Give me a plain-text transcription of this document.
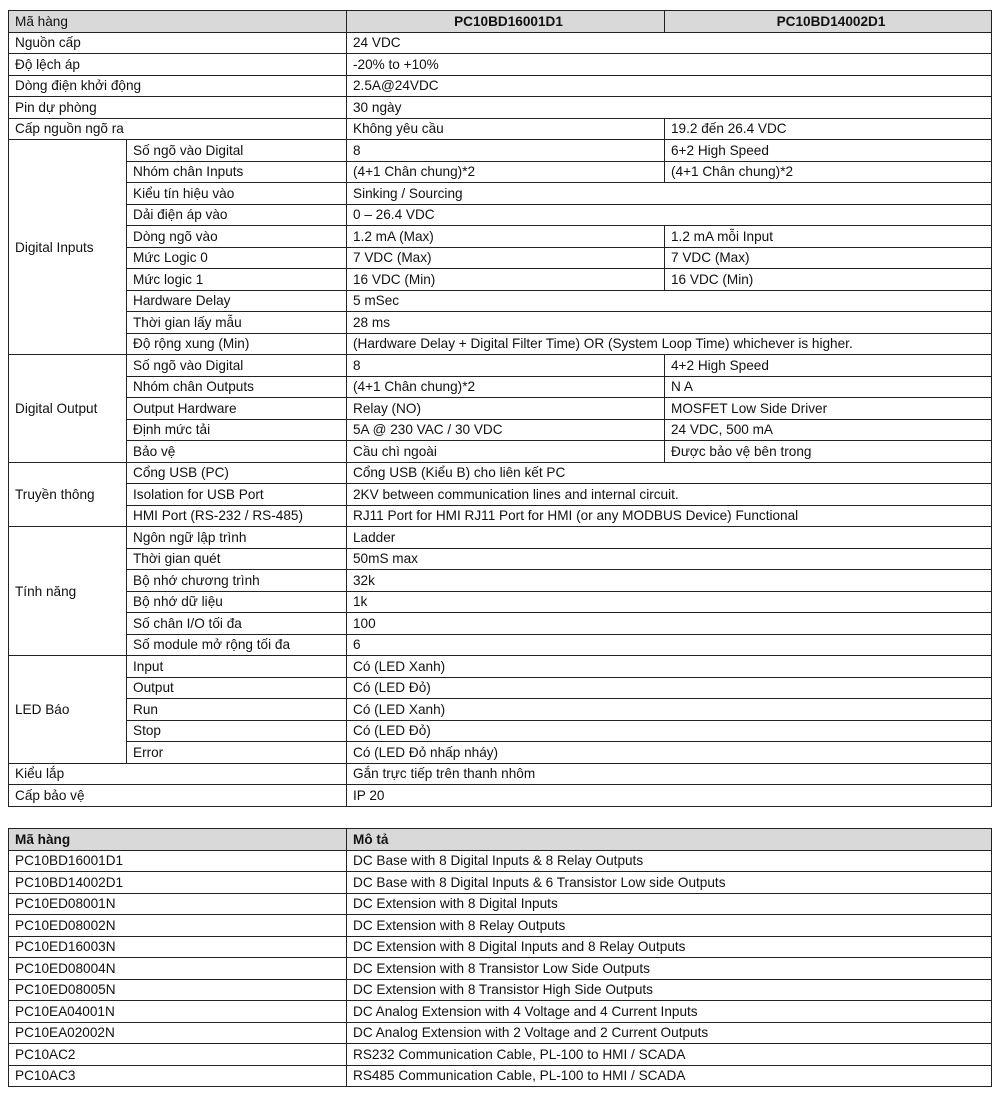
Mã hàng		PC10BD16001D1	PC10BD14002D1
Nguồn cấp		24 VDC	
Độ lệch áp		-20% to +10%	
Dòng điện khởi động		2.5A@24VDC	
Pin dự phòng		30 ngày	
Cấp nguồn ngõ ra		Không yêu cầu	19.2 đến 26.4 VDC
Digital Inputs	Số ngõ vào Digital	8	6+2 High Speed
	Nhóm chân Inputs	(4+1 Chân chung)*2	(4+1 Chân chung)*2
	Kiểu tín hiệu vào	Sinking / Sourcing	
	Dải điện áp vào	0 – 26.4 VDC	
	Dòng ngõ vào	1.2 mA (Max)	1.2 mA mỗi Input
	Mức Logic 0	7 VDC (Max)	7 VDC (Max)
	Mức logic 1	16 VDC (Min)	16 VDC (Min)
	Hardware Delay	5 mSec	
	Thời gian lấy mẫu	28 ms	
	Độ rộng xung (Min)	(Hardware Delay + Digital Filter Time) OR (System Loop Time) whichever is higher.	
Digital Output	Số ngõ vào Digital	8	4+2 High Speed
	Nhóm chân Outputs	(4+1 Chân chung)*2	N A
	Output Hardware	Relay (NO)	MOSFET Low Side Driver
	Định mức tải	5A @ 230 VAC / 30 VDC	24 VDC, 500 mA
	Bảo vệ	Cầu chì ngoài	Được bảo vệ bên trong
Truyền thông	Cổng USB (PC)	Cổng USB (Kiểu B) cho liên kết PC	
	Isolation for USB Port	2KV between communication lines and internal circuit.	
	HMI Port (RS-232 / RS-485)	RJ11 Port for HMI RJ11 Port for HMI (or any MODBUS Device) Functional	
Tính năng	Ngôn ngữ lập trình	Ladder	
	Thời gian quét	50mS max	
	Bộ nhớ chương trình	32k	
	Bộ nhớ dữ liệu	1k	
	Số chân I/O tối đa	100	
	Số module mở rộng tối đa	6	
LED Báo	Input	Có (LED Xanh)	
	Output	Có (LED Đỏ)	
	Run	Có (LED Xanh)	
	Stop	Có (LED Đỏ)	
	Error	Có (LED Đỏ nhấp nháy)	
Kiểu lắp		Gắn trực tiếp trên thanh nhôm	
Cấp bảo vệ		IP 20	
Mã hàng	Mô tả
PC10BD16001D1	DC Base with 8 Digital Inputs & 8 Relay Outputs
PC10BD14002D1	DC Base with 8 Digital Inputs & 6 Transistor Low side Outputs
PC10ED08001N	DC Extension with 8 Digital Inputs
PC10ED08002N	DC Extension with 8 Relay Outputs
PC10ED16003N	DC Extension with 8 Digital Inputs and 8 Relay Outputs
PC10ED08004N	DC Extension with 8 Transistor Low Side Outputs
PC10ED08005N	DC Extension with 8 Transistor High Side Outputs
PC10EA04001N	DC Analog Extension with 4 Voltage and 4 Current Inputs
PC10EA02002N	DC Analog Extension with 2 Voltage and 2 Current Outputs
PC10AC2	RS232 Communication Cable, PL-100 to HMI / SCADA
PC10AC3	RS485 Communication Cable, PL-100 to HMI / SCADA
